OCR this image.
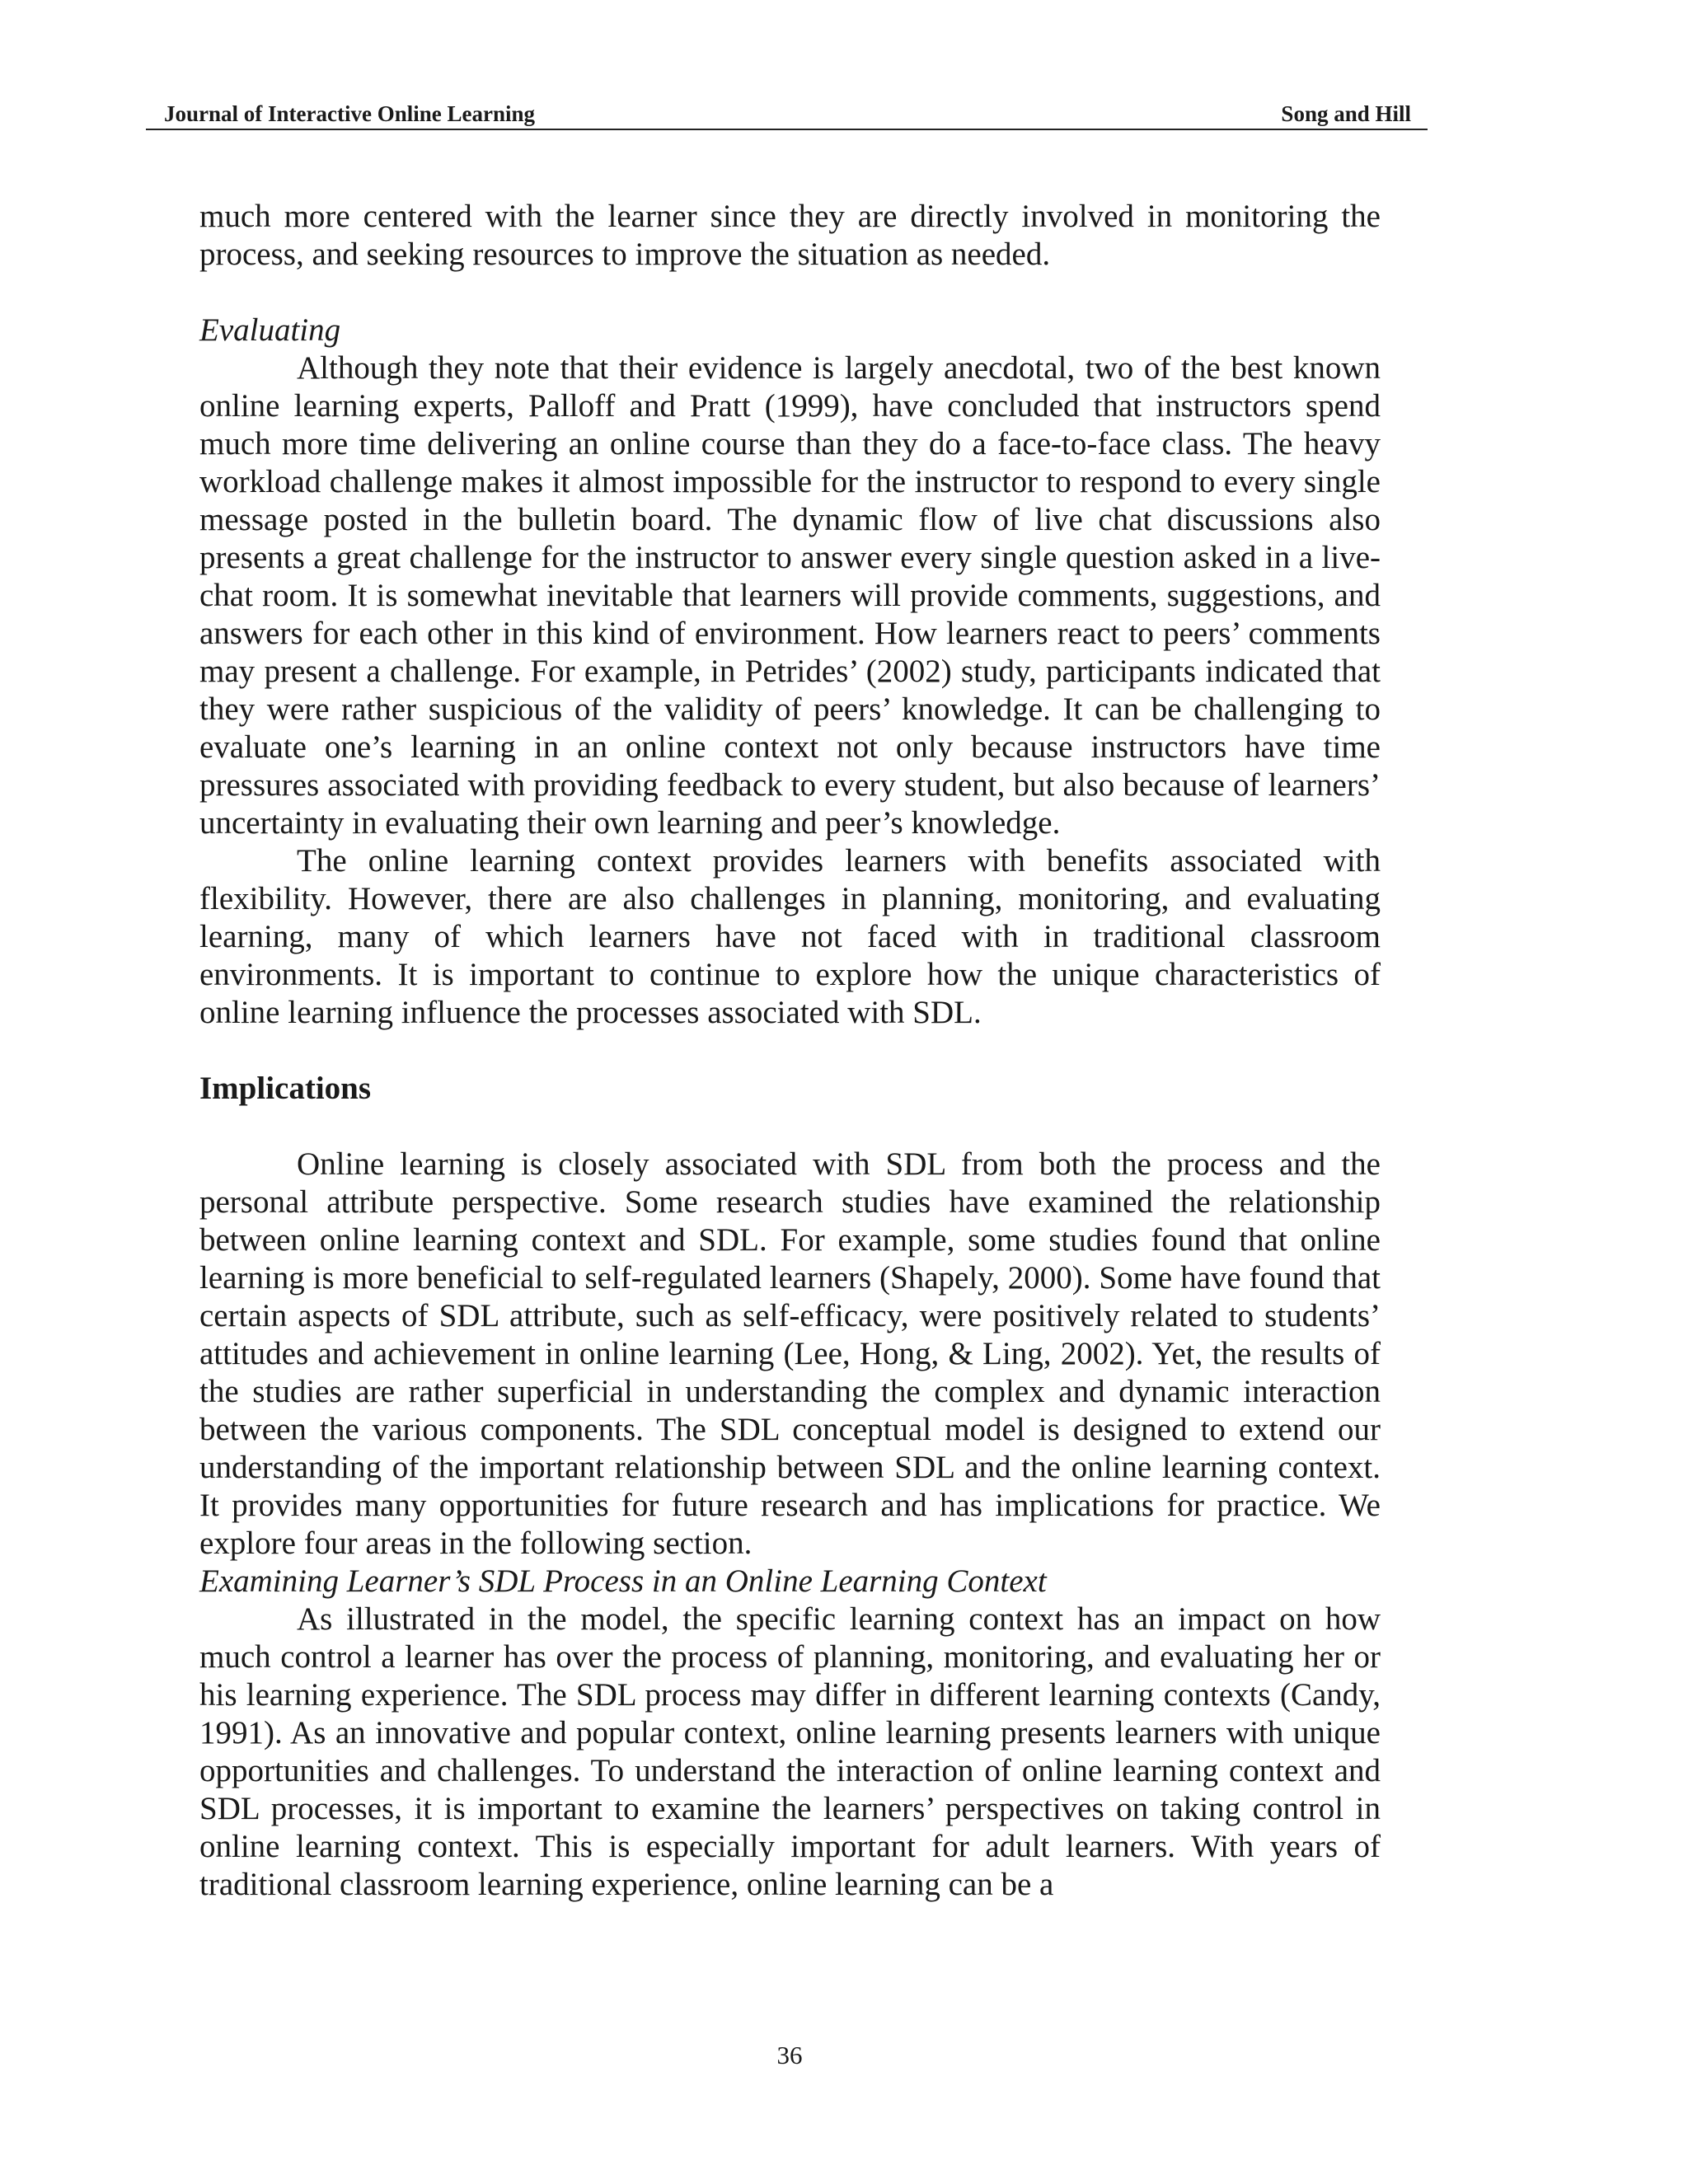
Journal of Interactive Online Learning	Song and Hill

much more centered with the learner since they are directly involved in monitoring the process, and seeking resources to improve the situation as needed.

Evaluating

Although they note that their evidence is largely anecdotal, two of the best known online learning experts, Palloff and Pratt (1999), have concluded that instructors spend much more time delivering an online course than they do a face-to-face class. The heavy workload challenge makes it almost impossible for the instructor to respond to every single message posted in the bulletin board. The dynamic flow of live chat discussions also presents a great challenge for the instructor to answer every single question asked in a live-chat room. It is somewhat inevitable that learners will provide comments, suggestions, and answers for each other in this kind of environment. How learners react to peers’ comments may present a challenge. For example, in Petrides’ (2002) study, participants indicated that they were rather suspicious of the validity of peers’ knowledge. It can be challenging to evaluate one’s learning in an online context not only because instructors have time pressures associated with providing feedback to every student, but also because of learners’ uncertainty in evaluating their own learning and peer’s knowledge.

The online learning context provides learners with benefits associated with flexibility. However, there are also challenges in planning, monitoring, and evaluating learning, many of which learners have not faced with in traditional classroom environments. It is important to continue to explore how the unique characteristics of online learning influence the processes associated with SDL.

Implications

Online learning is closely associated with SDL from both the process and the personal attribute perspective. Some research studies have examined the relationship between online learning context and SDL. For example, some studies found that online learning is more beneficial to self-regulated learners (Shapely, 2000). Some have found that certain aspects of SDL attribute, such as self-efficacy, were positively related to students’ attitudes and achievement in online learning (Lee, Hong, & Ling, 2002). Yet, the results of the studies are rather superficial in understanding the complex and dynamic interaction between the various components. The SDL conceptual model is designed to extend our understanding of the important relationship between SDL and the online learning context. It provides many opportunities for future research and has implications for practice. We explore four areas in the following section.

Examining Learner’s SDL Process in an Online Learning Context

As illustrated in the model, the specific learning context has an impact on how much control a learner has over the process of planning, monitoring, and evaluating her or his learning experience. The SDL process may differ in different learning contexts (Candy, 1991). As an innovative and popular context, online learning presents learners with unique opportunities and challenges. To understand the interaction of online learning context and SDL processes, it is important to examine the learners’ perspectives on taking control in online learning context. This is especially important for adult learners. With years of traditional classroom learning experience, online learning can be a

36
